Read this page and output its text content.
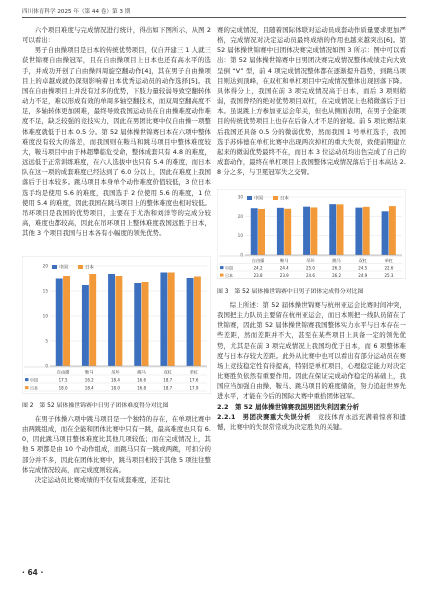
四川体育科学 2025 年（第 44 卷）第 3 期

六个项目难度与完成情况进行统计，得出如下图所示，从图 2 可以看出：

男子自由操项目是日本的传统优势项目，仅自开建三 1 人就三获世锦赛自由操冠军，且在自由操项目上日本也还有高水平的选手，并成功开创了自由操四周旋空翻动作[4]，其在男子自由操项目上的卓越成就仍深刻影响着日本优秀运动员的动作选择[5]。我国在自由操项目上并没有过多的优势，下肢力量较弱导致空翻转体动力不足，难以形成有效的单周多轴空翻技术，而双周空翻高度不足，多轴转体更加困难，最终导致我国运动员在自由操难度动作难度不足，缺乏较强的竞技实力，因此在男团比赛中仅自由操一项整体难度就低于日本 0.5 分。第 52 届体操世锦赛日本在六项中整体难度没有较大的落差，而我国则在鞍马和跳马项目中整体难度较大，鞍马项目中由于林超攀临危受命，整体成套只有 4.8 的难度，远远低于正常训练难度，在六人选拔中也只有 5.4 的难度，而日本队在这一项的成套难度已经达到了 6.0 分以上，因此在难度上我国落后于日本较多。跳马项目本身单个动作难度价值较低，3 位日本选手均是使用 5.6 的难度，我国选手 2 位使用 5.6 的难度，1 位使用 5.4 的难度，因此我国在跳马项目上的整体难度也相对较低。吊环项目是我国的优势项目，主要在于尤浩和刘洋等的完成分较高，难度也都较高，因此在吊环项目上整体难度我国远胜于日本，其他 3 个项目我国与日本各有小幅度的领先优势。

0
5
10
15
20	中国	日本
自由操	鞍马	吊环	跳马	双杠	单杠
中国	17.5	16.2	18.4	16.6	18.7	17.6
日本	18.0	18.4	18.0	16.8	18.7	17.9
图 2　第 52 届体操世锦赛中日男子团体难度得分对比图

在男子体操六项中跳马项目是一个独特的存在，在单项比赛中由两跳组成，而在全能和团体比赛中只有一跳，最高难度也只有 6.0，因此跳马项目整体难度比其他几项较低；而在完成情况上，其他 5 项都是由 10 个动作组成，而跳马只有一跳或两跳，可扣分的部分并不多，因此在团体比赛中，跳马项目相较于其他 5 项往往整体完成情况较高，而完成度则较高。

决定运动员比赛成绩的不仅有成套难度，还有比

赛的完成情况，且随着国际体联对运动员成套动作质量要求更加严格，完成情况对决定运动员最终成绩的作用也越来越突出[6]。第 52 届体操世锦赛中日团体决赛完成情况如图 3 所示：图中可以看出：第 52 届体操世锦赛中日男团决赛完成情况整体成绩走向大致呈倒 “V” 型，前 4 项完成情况整体都在逐渐提升趋势，到跳马项目则达到顶峰，在双杠和单杠项目中完成情况整体出现回落下降。具体得分上，我国在前 3 项完成情况高于日本，而后 3 项则稍弱，我国曾经的绝对优势项目双杠，在完成情况上也稍微落后于日本。虽说跳上方参加亚运会年关，但也从侧面表明，在男子全能项目的传统优势项目上也存在后备人才不足的窘境。前 5 项比赛结束后我国还具备 0.5 分的微弱优势，然而我国 1 号单杠选手，我国选手苏炜德在单杠比赛中出现两次掉杠的重大失误，致使前期建立起来的微弱优势最终不在，而日本 3 位运动员均出色完成了自己的成套动作，最终在单杠项目上我国整体完成情况落后于日本高达 2.8 分之多，与卫冕冠军失之交臂。

0
10
20
30	中国	日本
自由操	鞍马	吊环	跳马	双杠	单杠
中国	24.2	24.4	25.0	26.3	24.5	22.6
日本	23.8	23.9	24.6	26.2	24.9	25.3
图 3　第 52 届体操世锦赛中日男子团体完成得分对比图

综上所述：第 52 届体操世锦赛与杭州亚运会比赛时间冲突，我国把主力队员主要留在杭州亚运会，而日本则把一线队员留在了世锦赛，因此第 52 届体操世锦赛我国整体实力水平与日本存在一些差距，然而差距并不大，甚至在某些项目上具备一定的领先优势，尤其是在前 3 项完成情况上我国均优于日本，而 6 项整体难度与日本存较大差距。此外从比赛中也可以看出有部分运动员在赛场上竞技稳定性有待提高，特别是单杠项目，心理稳定能力对决定比赛胜负依然有重要作用。因此在保证完成动作稳定的基础上，我国应当加强自由操、鞍马、跳马项目的难度储备，努力追赶世界先进水平，才能在今后的国际大赛中重拾团体冠军。

2.2　第 52 届体操世锦赛我国男团失利因素分析

2.2.1　男团决赛重大失误分析　 竞技体育永远充满着惊喜和遗憾，比赛中的失误常常成为决定胜负的关键。

· 64 ·
